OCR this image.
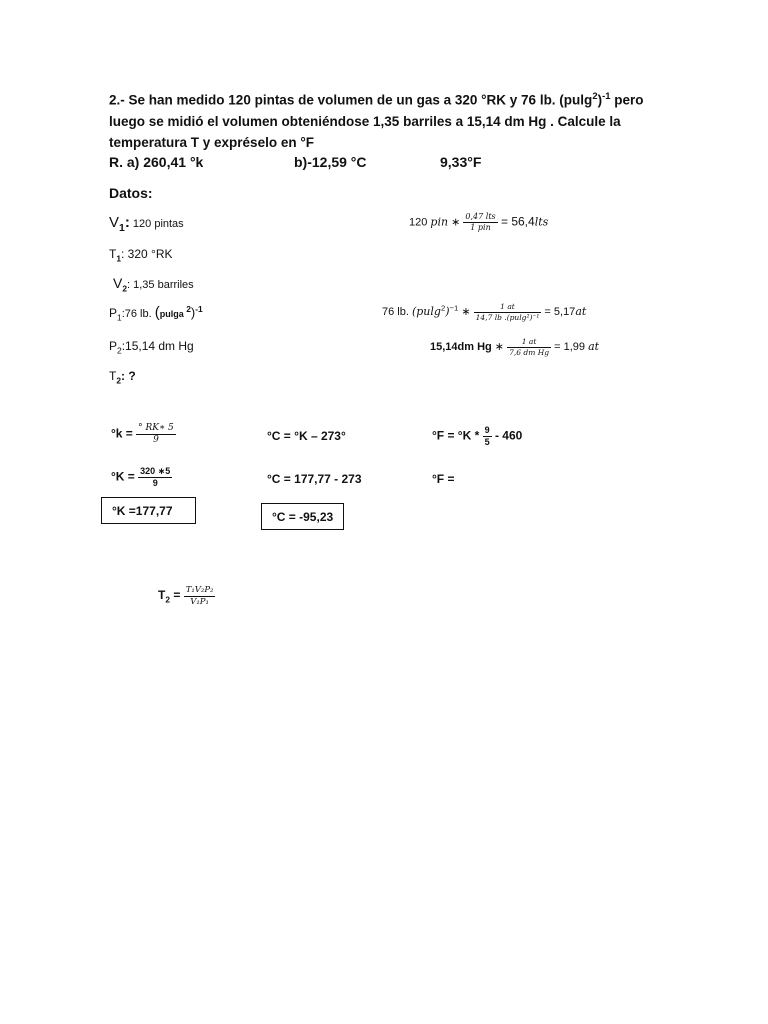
2.- Se han medido 120 pintas de volumen de un gas a 320 °RK y 76 lb. $(pulg^2)^{-1}$ pero luego se midió el volumen obteniéndose 1,35 barriles a 15,14 dm Hg . Calcule la temperatura T y expréselo en °F
R. a) 260,41 °k	b)-12,59 °C	9,33°F
Datos:
$V_1$: 120 pintas
$T_1$: 320 °RK
$V_2$: 1,35 barriles
$P_1:76$ lb. (pulga $^2$)$^{-1}$
$P_2:15,14$ dm Hg
$T_2$: ?
120 pin ∗ $\frac{\text{0,47 lts}}{\text{1 pin}} = 56,4lts$
76 lb. $(pulg^2)^{-1}$ ∗ $\frac{1 at}{\text{14,7 lb .(pulg²)⁻¹}} = 5,17at$
15,14dm Hg ∗ $\frac{1 at}{\text{7,6 dm Hg}} = 1,99$ at
$^\circ k = \frac{^\circ RK∗ 5}{9}$	°C = °K – 273°	$^\circ F = ^\circ K * \frac{9}{5} - 460$
$^\circ K = \frac{320 ∗5}{9}$	°C = 177,77 - 273	°F =
°K =177,77	°C = -95,23
$T_2 = \frac{\text{T₁V₂P₂}}{\text{V₁P₁}}$
